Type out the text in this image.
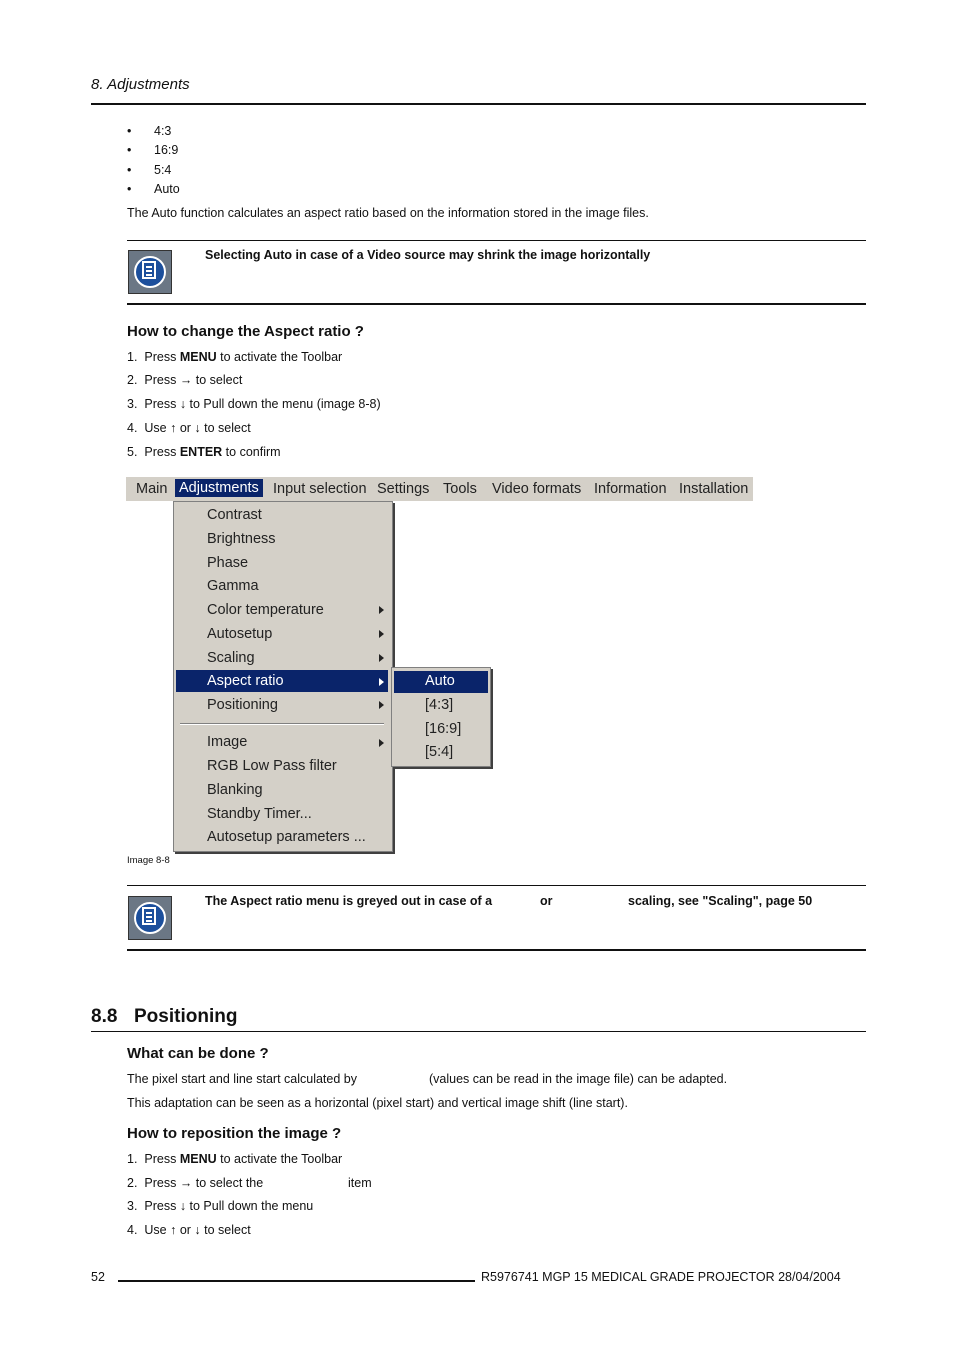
8. Adjustments
• 4:3
• 16:9
• 5:4
• Auto
The Auto function calculates an aspect ratio based on the information stored in the image files.
Selecting Auto in case of a Video source may shrink the image horizontally
How to change the Aspect ratio ?
1. Press MENU to activate the Toolbar
2. Press → to select
3. Press ↓ to Pull down the menu (image 8-8)
4. Use ↑ or ↓ to select
5. Press ENTER to confirm
Main Adjustments Input selection Settings Tools Video formats Information Installation
Contrast
Brightness
Phase
Gamma
Color temperature
Autosetup
Scaling
Aspect ratio
Positioning
Image
RGB Low Pass filter
Blanking
Standby Timer...
Autosetup parameters ...
Auto
[4:3]
[16:9]
[5:4]
Image 8-8
The Aspect ratio menu is greyed out in case of a	or	scaling, see "Scaling", page 50
8.8 Positioning
What can be done ?
The pixel start and line start calculated by	(values can be read in the image file) can be adapted.
This adaptation can be seen as a horizontal (pixel start) and vertical image shift (line start).
How to reposition the image ?
1. Press MENU to activate the Toolbar
2. Press → to select the	item
3. Press ↓ to Pull down the menu
4. Use ↑ or ↓ to select
52	R5976741 MGP 15 MEDICAL GRADE PROJECTOR 28/04/2004
